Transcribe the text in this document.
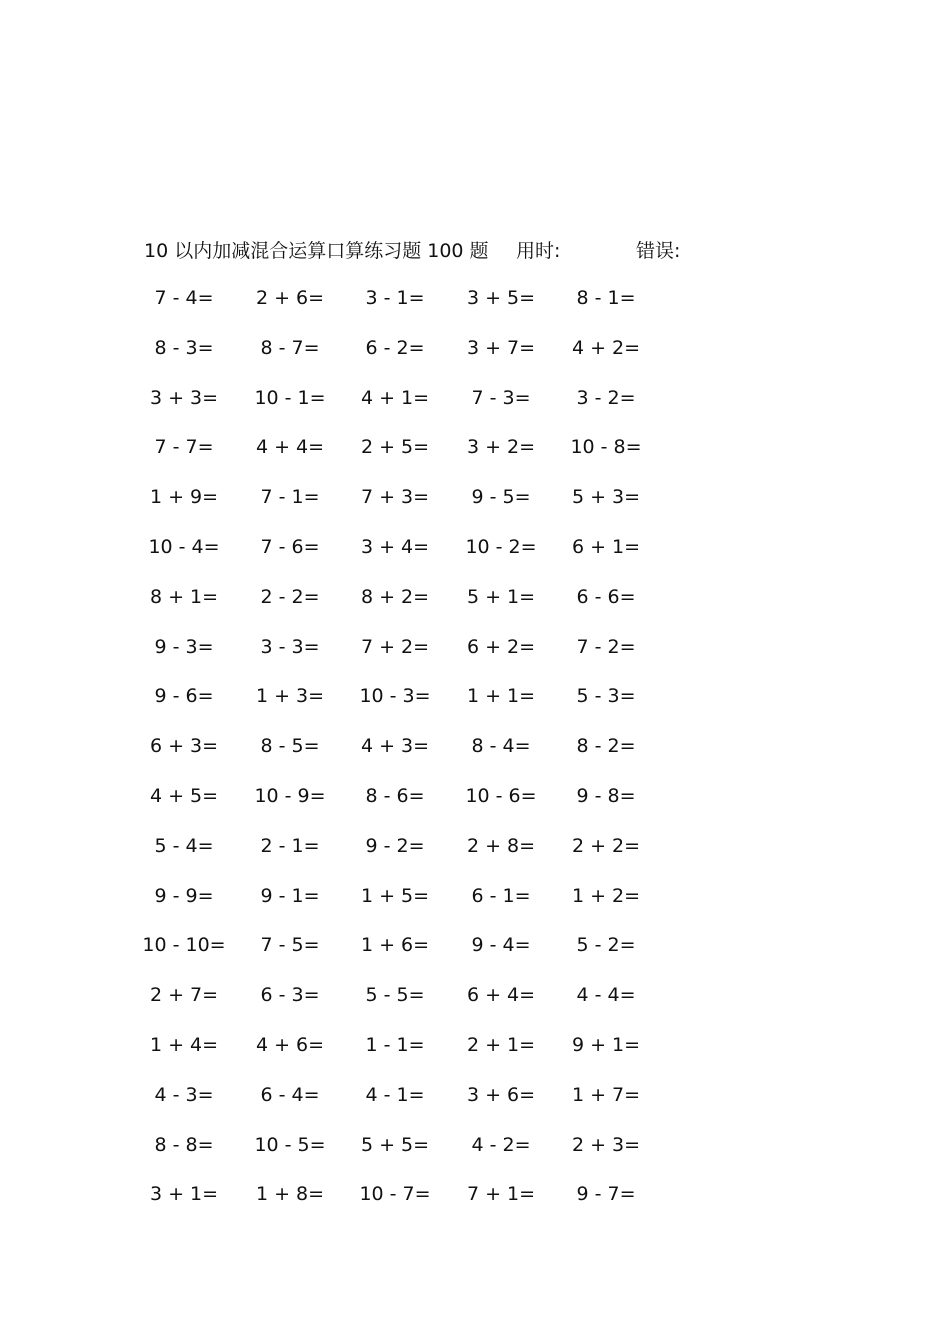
10 以内加减混合运算口算练习题 100 题 用时:	错误:
7 - 4=	2 + 6=	3 - 1=	3 + 5=	8 - 1=
8 - 3=	8 - 7=	6 - 2=	3 + 7=	4 + 2=
3 + 3=	10 - 1=	4 + 1=	7 - 3=	3 - 2=
7 - 7=	4 + 4=	2 + 5=	3 + 2=	10 - 8=
1 + 9=	7 - 1=	7 + 3=	9 - 5=	5 + 3=
10 - 4=	7 - 6=	3 + 4=	10 - 2=	6 + 1=
8 + 1=	2 - 2=	8 + 2=	5 + 1=	6 - 6=
9 - 3=	3 - 3=	7 + 2=	6 + 2=	7 - 2=
9 - 6=	1 + 3=	10 - 3=	1 + 1=	5 - 3=
6 + 3=	8 - 5=	4 + 3=	8 - 4=	8 - 2=
4 + 5=	10 - 9=	8 - 6=	10 - 6=	9 - 8=
5 - 4=	2 - 1=	9 - 2=	2 + 8=	2 + 2=
9 - 9=	9 - 1=	1 + 5=	6 - 1=	1 + 2=
10 - 10=	7 - 5=	1 + 6=	9 - 4=	5 - 2=
2 + 7=	6 - 3=	5 - 5=	6 + 4=	4 - 4=
1 + 4=	4 + 6=	1 - 1=	2 + 1=	9 + 1=
4 - 3=	6 - 4=	4 - 1=	3 + 6=	1 + 7=
8 - 8=	10 - 5=	5 + 5=	4 - 2=	2 + 3=
3 + 1=	1 + 8=	10 - 7=	7 + 1=	9 - 7=
